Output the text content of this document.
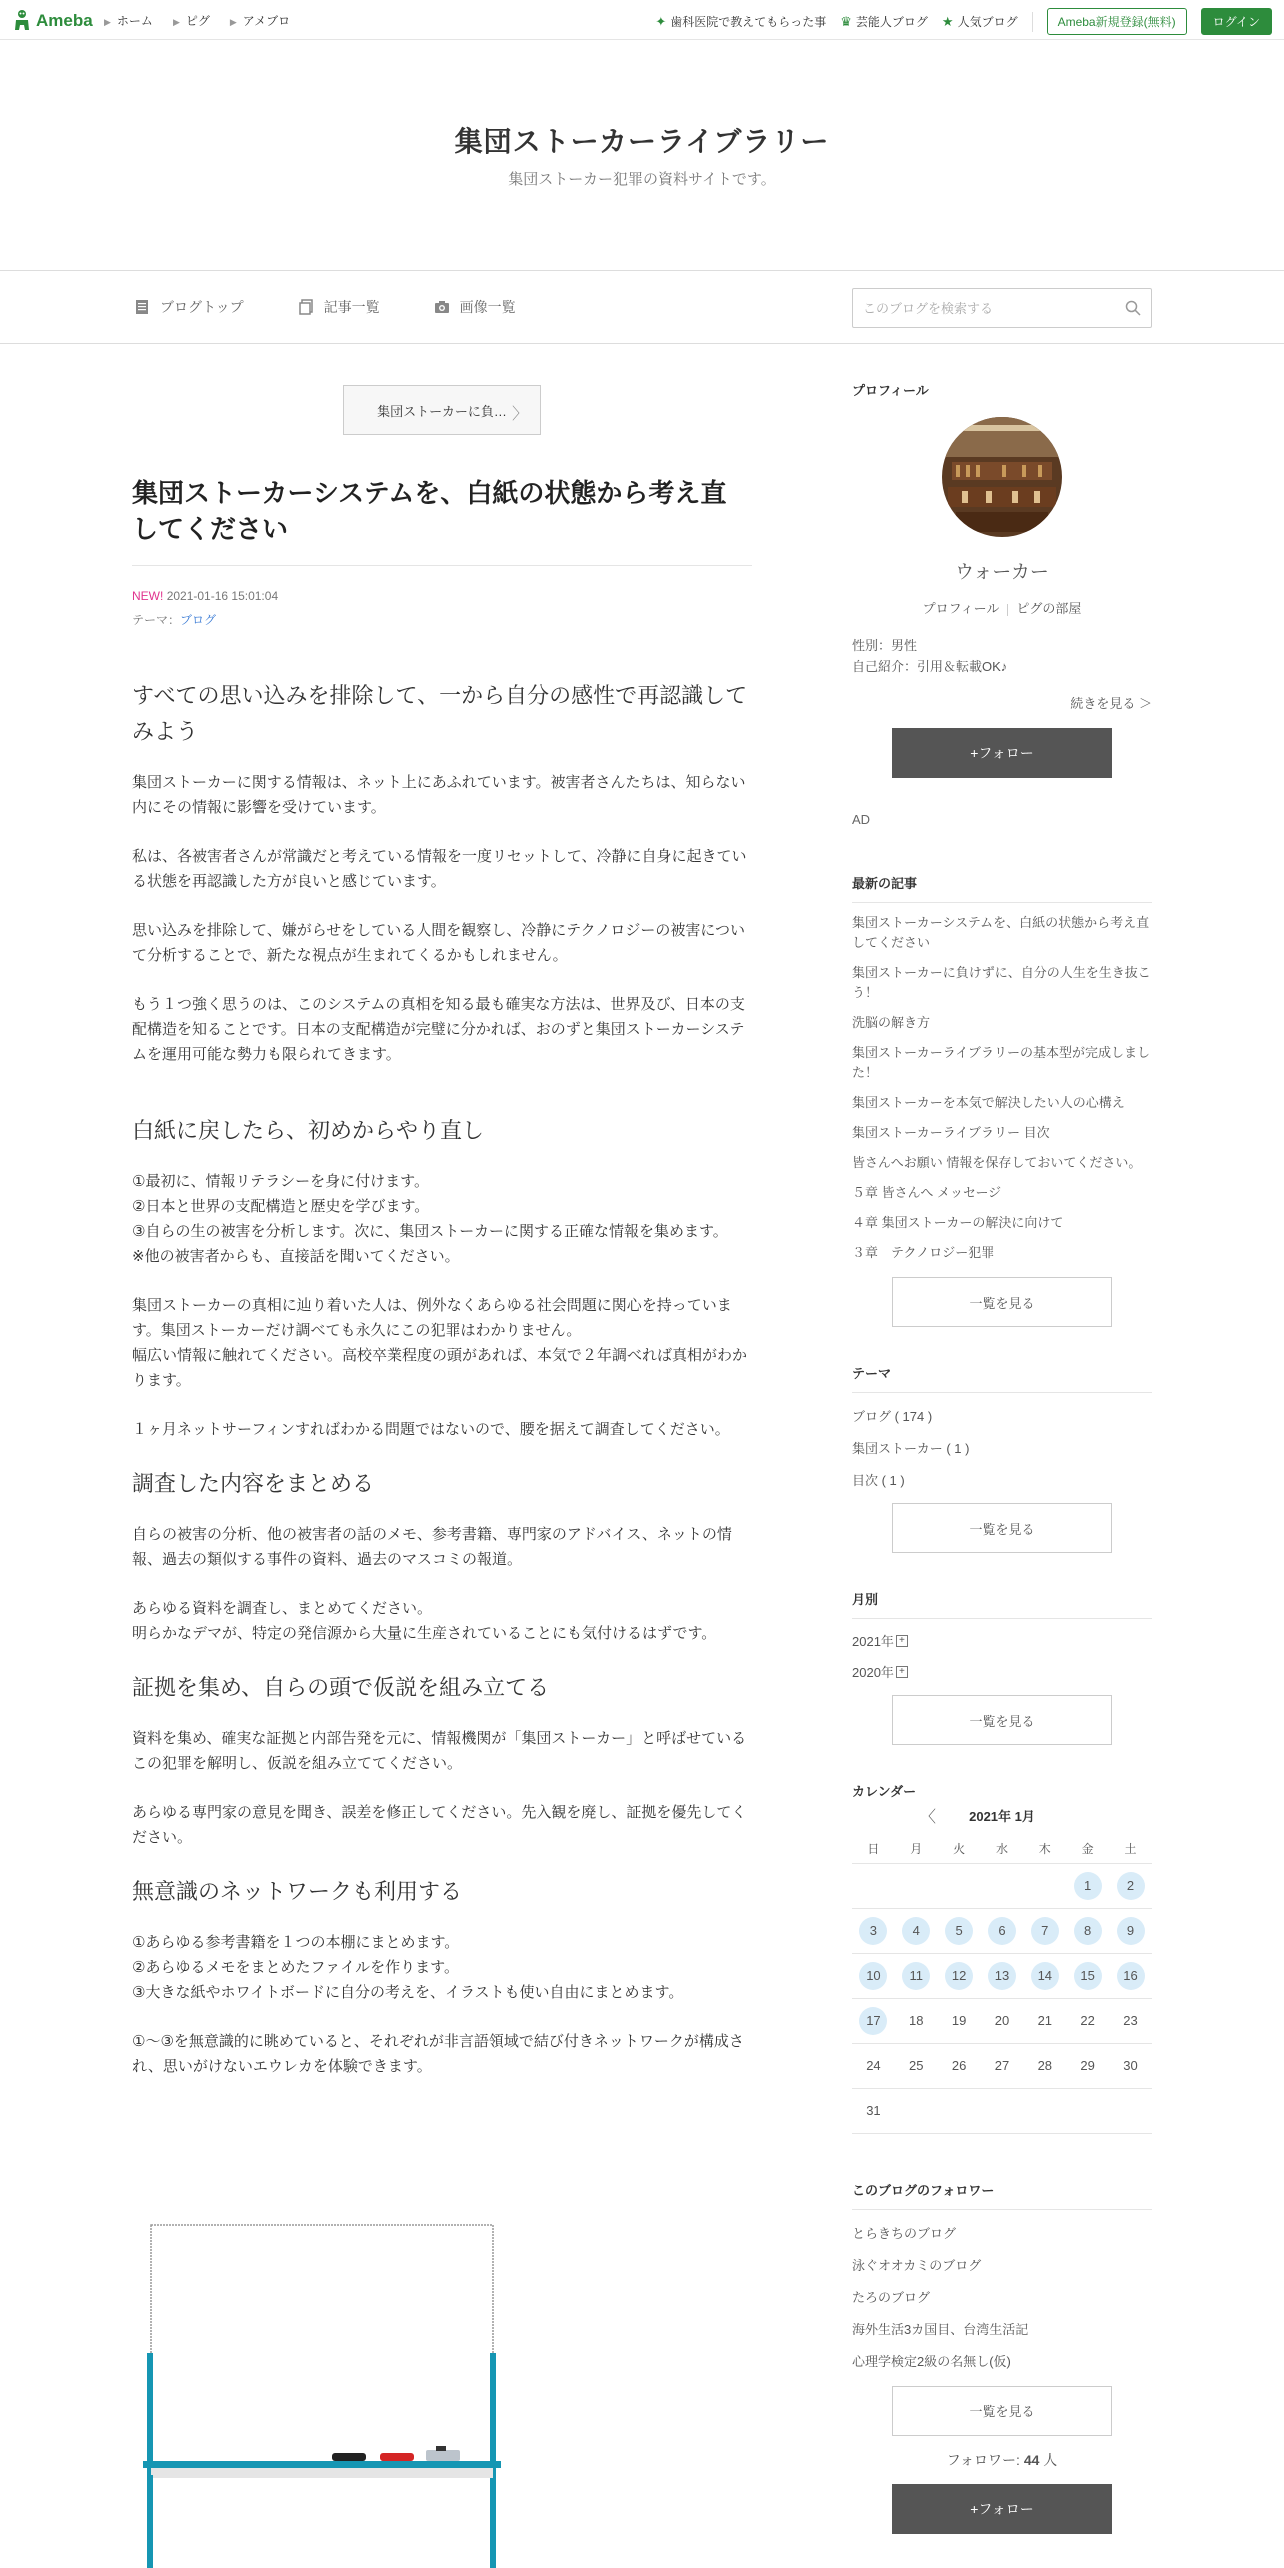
Ameba ▶ ホーム ▶ ピグ ▶ アメブロ	✦ 歯科医院で教えてもらった事 ♛ 芸能人ブログ ★ 人気ブログ	Ameba新規登録(無料)	ログイン
集団ストーカーライブラリー
集団ストーカー犯罪の資料サイトです。
ブログトップ	記事一覧	画像一覧
このブログを検索する
集団ストーカーに負… 〉
集団ストーカーシステムを、白紙の状態から考え直してください
NEW! 2021-01-16 15:01:04
テーマ：ブログ
すべての思い込みを排除して、一から自分の感性で再認識してみよう

集団ストーカーに関する情報は、ネット上にあふれています。被害者さんたちは、知らない内にその情報に影響を受けています。

私は、各被害者さんが常識だと考えている情報を一度リセットして、冷静に自身に起きている状態を再認識した方が良いと感じています。

思い込みを排除して、嫌がらせをしている人間を観察し、冷静にテクノロジーの被害について分析することで、新たな視点が生まれてくるかもしれません。

もう１つ強く思うのは、このシステムの真相を知る最も確実な方法は、世界及び、日本の支配構造を知ることです。日本の支配構造が完璧に分かれば、おのずと集団ストーカーシステムを運用可能な勢力も限られてきます。

白紙に戻したら、初めからやり直し

①最初に、情報リテラシーを身に付けます。
②日本と世界の支配構造と歴史を学びます。
③自らの生の被害を分析します。次に、集団ストーカーに関する正確な情報を集めます。
※他の被害者からも、直接話を聞いてください。

集団ストーカーの真相に辿り着いた人は、例外なくあらゆる社会問題に関心を持っています。集団ストーカーだけ調べても永久にこの犯罪はわかりません。
幅広い情報に触れてください。高校卒業程度の頭があれば、本気で２年調べれば真相がわかります。

１ヶ月ネットサーフィンすればわかる問題ではないので、腰を据えて調査してください。

調査した内容をまとめる

自らの被害の分析、他の被害者の話のメモ、参考書籍、専門家のアドバイス、ネットの情報、過去の類似する事件の資料、過去のマスコミの報道。

あらゆる資料を調査し、まとめてください。
明らかなデマが、特定の発信源から大量に生産されていることにも気付けるはずです。

証拠を集め、自らの頭で仮説を組み立てる

資料を集め、確実な証拠と内部告発を元に、情報機関が「集団ストーカー」と呼ばせているこの犯罪を解明し、仮説を組み立ててください。

あらゆる専門家の意見を聞き、誤差を修正してください。先入観を廃し、証拠を優先してください。

無意識のネットワークも利用する

①あらゆる参考書籍を１つの本棚にまとめます。
②あらゆるメモをまとめたファイルを作ります。
③大きな紙やホワイトボードに自分の考えを、イラストも使い自由にまとめます。

①～③を無意識的に眺めていると、それぞれが非言語領域で結び付きネットワークが構成され、思いがけないエウレカを体験できます。

プロフィール
ウォーカー
プロフィール ピグの部屋
性別：男性
自己紹介：引用＆転載OK♪
続きを見る ＞
+フォロー
AD
最新の記事
集団ストーカーシステムを、白紙の状態から考え直してください
集団ストーカーに負けずに、自分の人生を生き抜こう！
洗脳の解き方
集団ストーカーライブラリーの基本型が完成しました！
集団ストーカーを本気で解決したい人の心構え
集団ストーカーライブラリー 目次
皆さんへお願い 情報を保存しておいてください。
５章 皆さんへ メッセージ
４章 集団ストーカーの解決に向けて
３章　テクノロジー犯罪
一覧を見る
テーマ
ブログ ( 174 )
集団ストーカー ( 1 )
目次 ( 1 )
一覧を見る
月別
2021年 +
2020年 +
一覧を見る
カレンダー
〈	2021年 1月
日	月	火	水	木	金	土
					1	2
3	4	5	6	7	8	9
10	11	12	13	14	15	16
17	18	19	20	21	22	23
24	25	26	27	28	29	30
31						
このブログのフォロワー
とらきちのブログ
泳ぐオオカミのブログ
たろのブログ
海外生活3カ国目、台湾生活記
心理学検定2級の名無し(仮)
一覧を見る
フォロワー: 44 人
+フォロー
